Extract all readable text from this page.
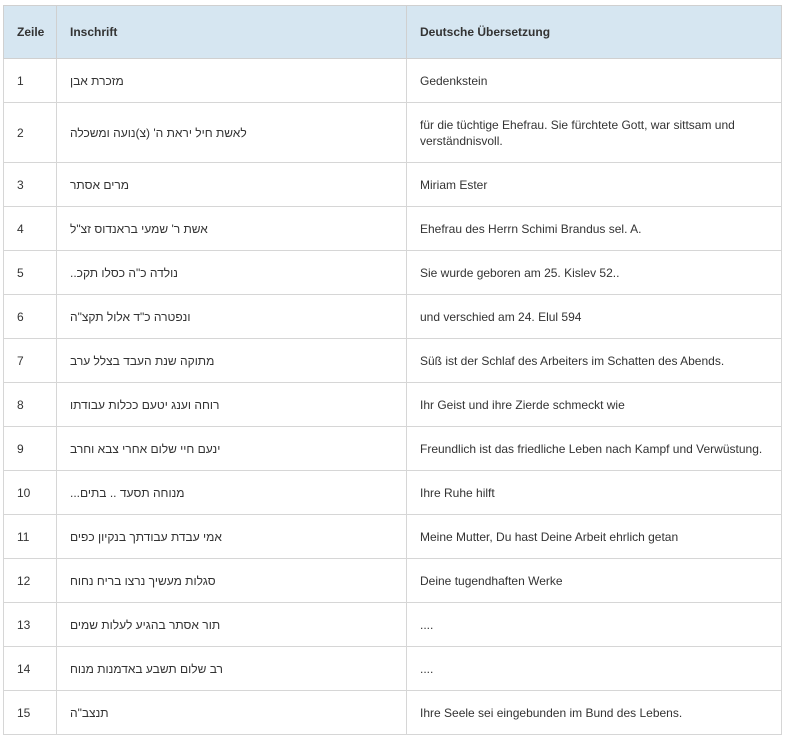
Zeile	Inschrift	Deutsche Übersetzung
1	מזכרת אבן	Gedenkstein
2	לאשת חיל יראת ה' (צ)נועה ומשכלה	für die tüchtige Ehefrau. Sie fürchtete Gott, war sittsam und verständnisvoll.
3	מרים אסתר	Miriam Ester
4	אשת ר' שמעי בראנדוס זצ"ל	Ehefrau des Herrn Schimi Brandus sel. A.
5	נולדה כ"ה כסלו תקכ..	Sie wurde geboren am 25. Kislev 52..
6	ונפטרה כ"ד אלול תקצ"ה	und verschied am 24. Elul 594
7	מתוקה שנת העבד בצלל ערב	Süß ist der Schlaf des Arbeiters im Schatten des Abends.
8	רוחה וענג יטעם ככלות עבודתו	Ihr Geist und ihre Zierde schmeckt wie
9	ינעם חיי שלום אחרי צבא וחרב	Freundlich ist das friedliche Leben nach Kampf und Verwüstung.
10	מנוחה תסעד .. בתים...	Ihre Ruhe hilft
11	אמי עבדת עבודתך בנקיון כפים	Meine Mutter, Du hast Deine Arbeit ehrlich getan
12	סגלות מעשיך נרצו בריח נחוח	Deine tugendhaften Werke
13	תור אסתר בהגיע לעלות שמים	....
14	רב שלום תשבע באדמנות מנוח	....
15	תנצב"ה	Ihre Seele sei eingebunden im Bund des Lebens.
